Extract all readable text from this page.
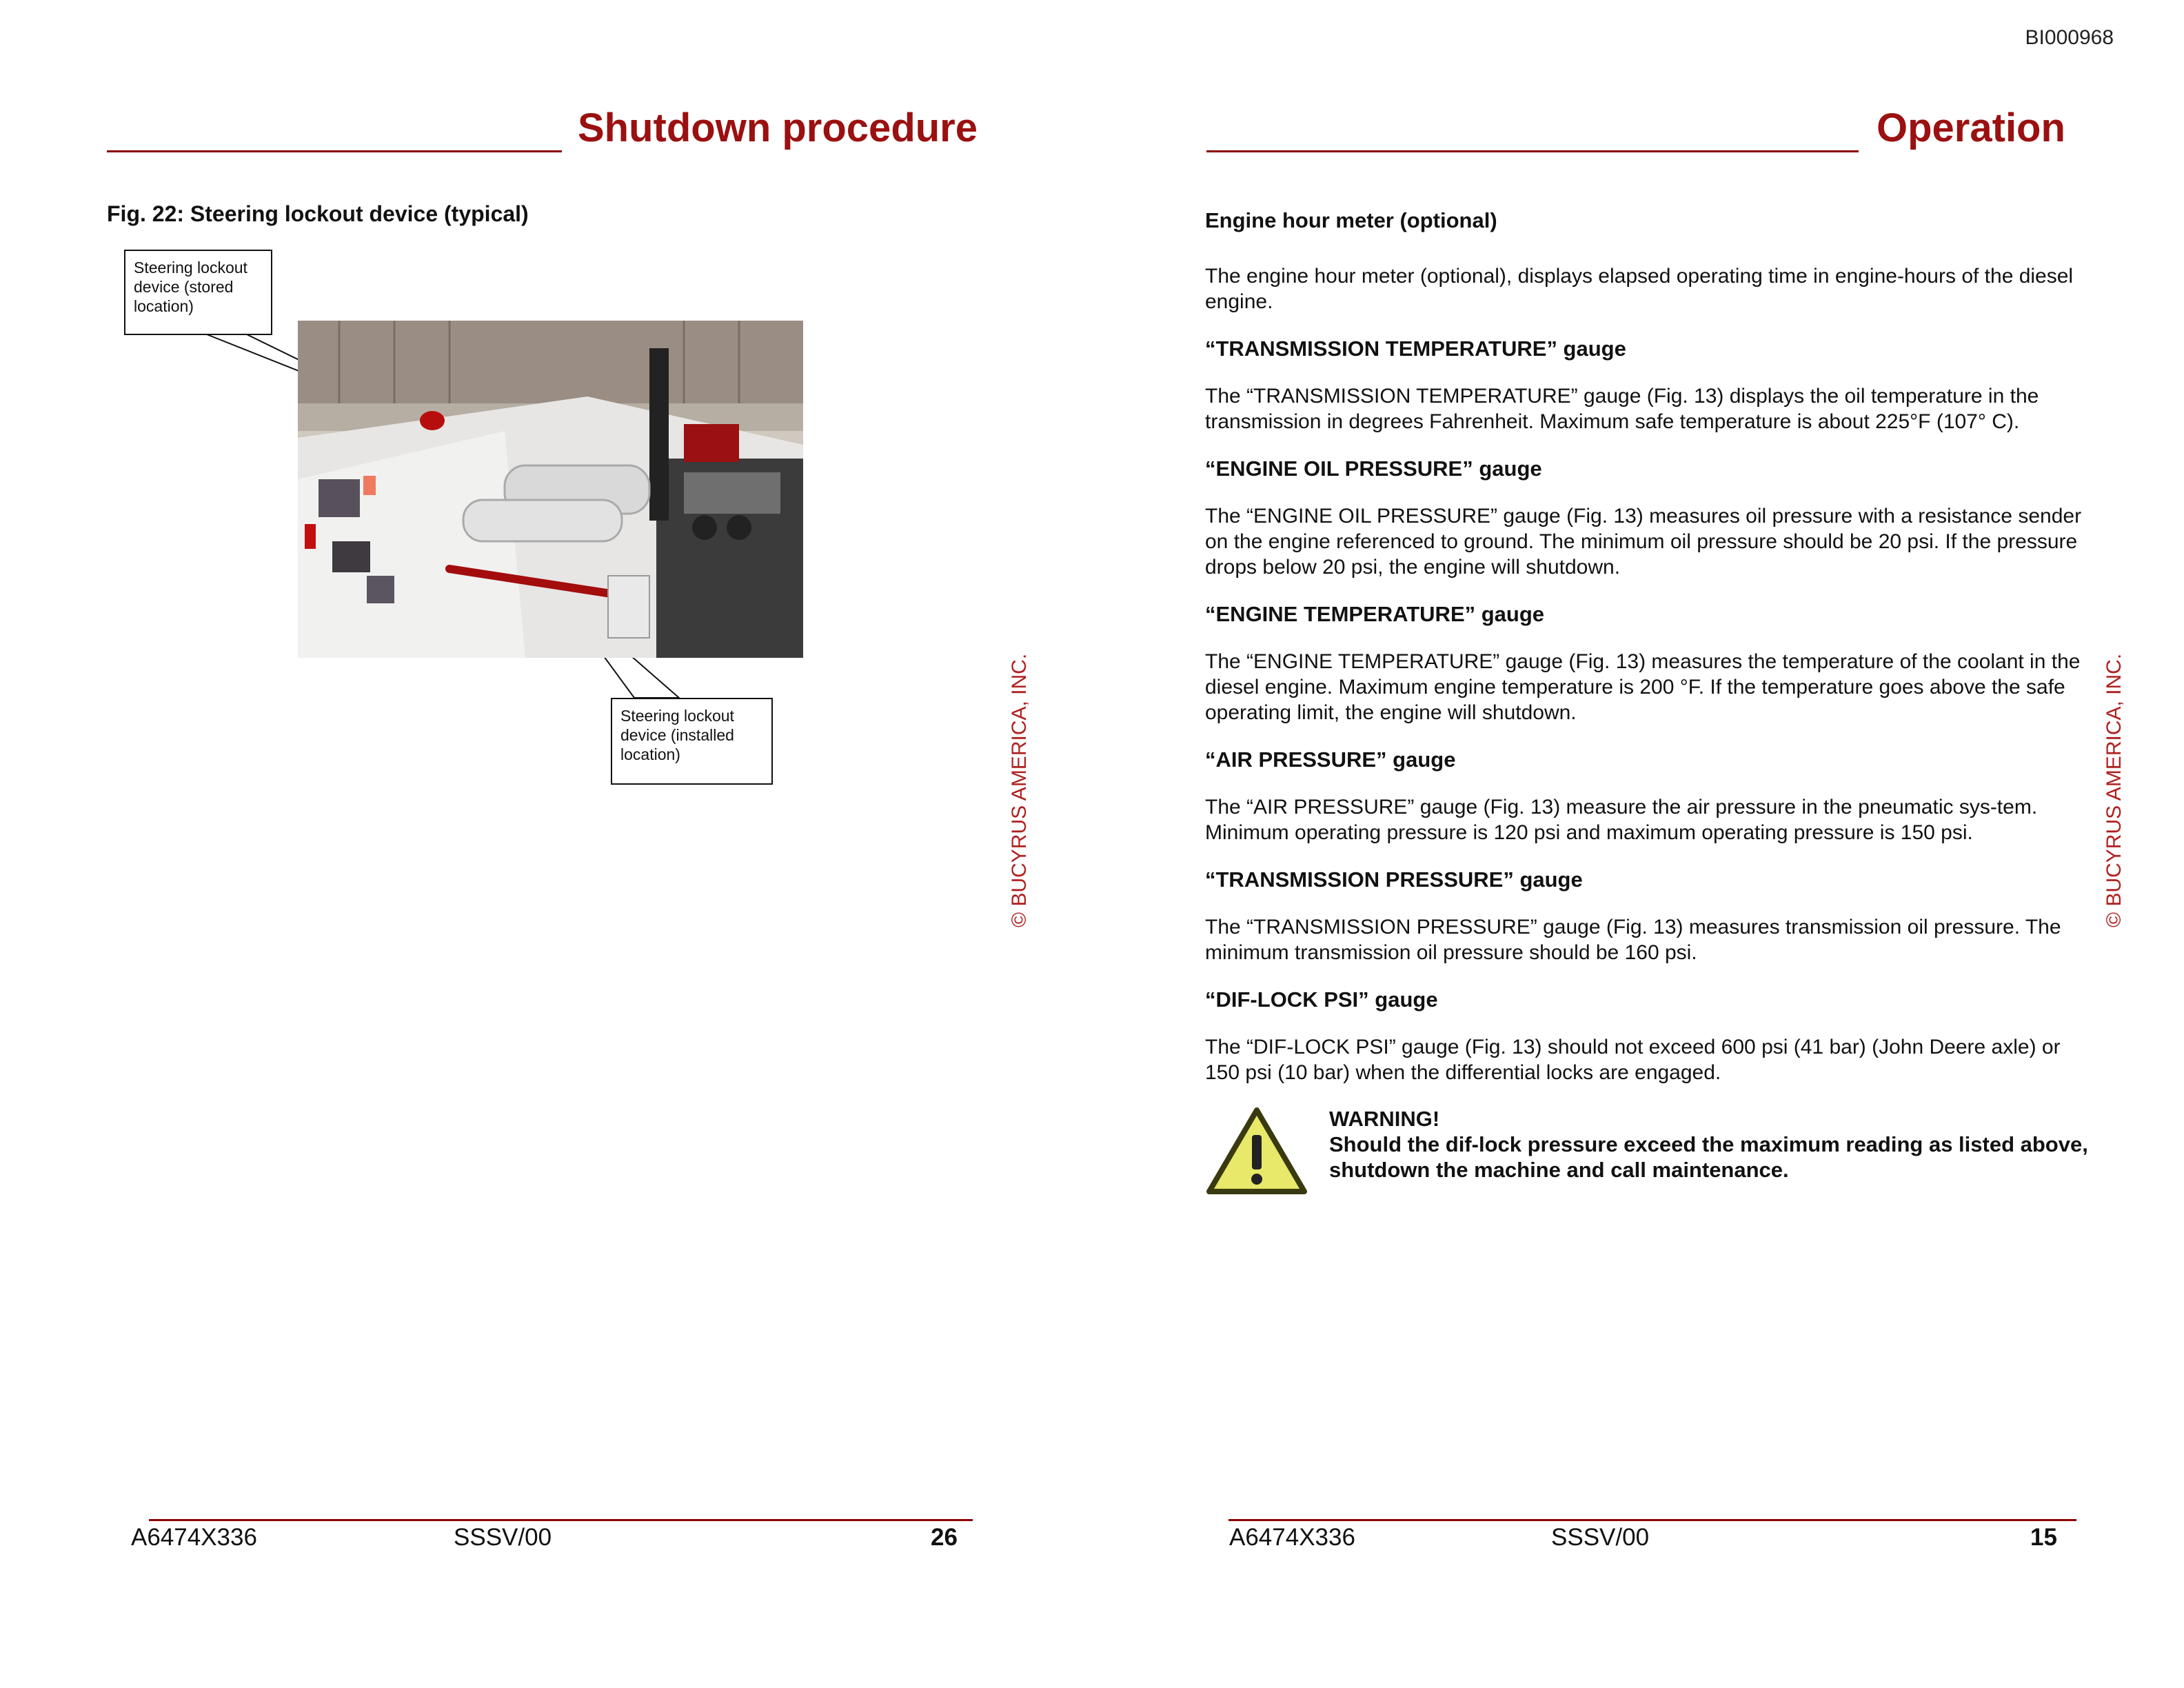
BI000968
Shutdown procedure
Fig. 22: Steering lockout device (typical)
Steering lockout device (stored location)
Steering lockout device (installed location)	© BUCYRUS AMERICA, INC.
A6474X336	SSSV/00	26
Operation
Engine hour meter (optional)
The engine hour meter (optional), displays elapsed operating time in engine-hours of the diesel engine.
“TRANSMISSION TEMPERATURE” gauge
The “TRANSMISSION TEMPERATURE” gauge (Fig. 13) displays the oil temperature in the transmission in degrees Fahrenheit. Maximum safe temperature is about 225°F (107° C).
“ENGINE OIL PRESSURE” gauge
The “ENGINE OIL PRESSURE” gauge (Fig. 13) measures oil pressure with a resistance sender on the engine referenced to ground. The minimum oil pressure should be 20 psi. If the pressure drops below 20 psi, the engine will shutdown.
“ENGINE TEMPERATURE” gauge
The “ENGINE TEMPERATURE” gauge (Fig. 13) measures the temperature of the coolant in the diesel engine. Maximum engine temperature is 200 °F. If the temperature goes above the safe operating limit, the engine will shutdown.
“AIR PRESSURE” gauge
The “AIR PRESSURE” gauge (Fig. 13) measure the air pressure in the pneumatic sys-tem. Minimum operating pressure is 120 psi and maximum operating pressure is 150 psi.
“TRANSMISSION PRESSURE” gauge
The “TRANSMISSION PRESSURE” gauge (Fig. 13) measures transmission oil pressure. The minimum transmission oil pressure should be 160 psi.
“DIF-LOCK PSI” gauge
The “DIF-LOCK PSI” gauge (Fig. 13) should not exceed 600 psi (41 bar) (John Deere axle) or 150 psi (10 bar) when the differential locks are engaged.
WARNING!
Should the dif-lock pressure exceed the maximum reading as listed above, shutdown the machine and call maintenance.
© BUCYRUS AMERICA, INC.
A6474X336	SSSV/00	15
